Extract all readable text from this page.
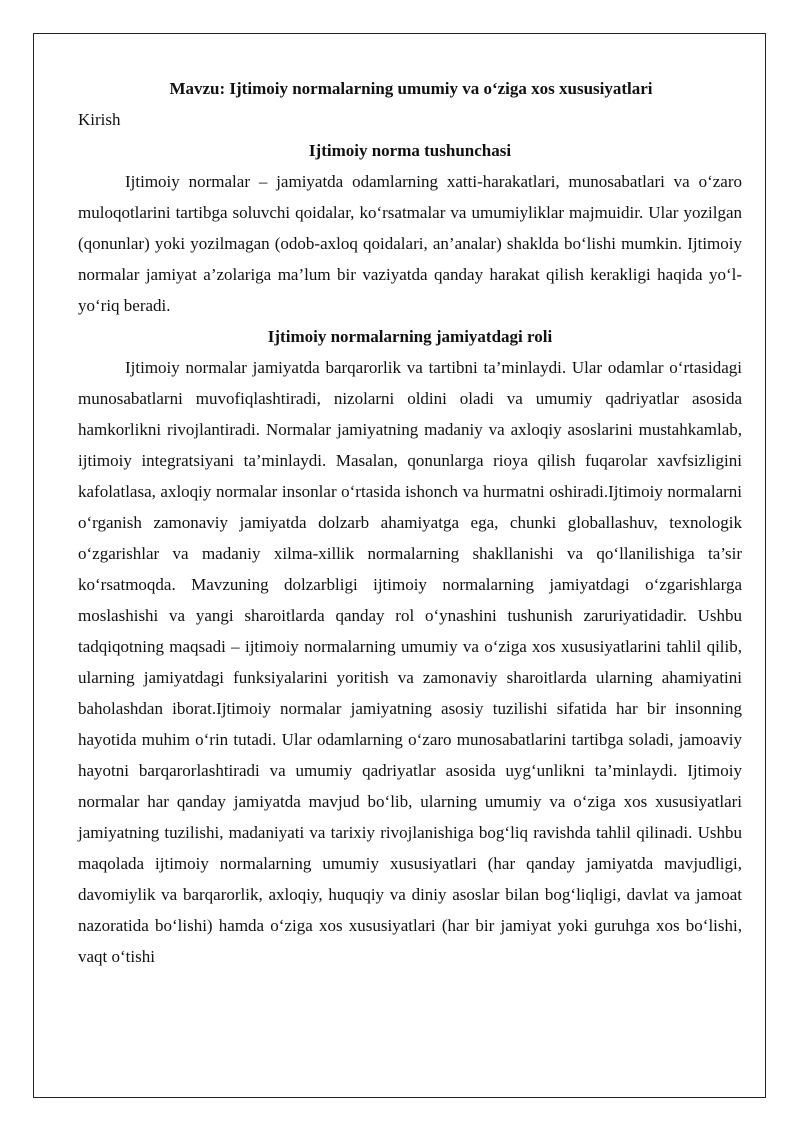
Mavzu: Ijtimoiy normalarning umumiy va o‘ziga xos xususiyatlari

Kirish

Ijtimoiy norma tushunchasi

Ijtimoiy normalar – jamiyatda odamlarning xatti-harakatlari, munosabatlari va o‘zaro muloqotlarini tartibga soluvchi qoidalar, ko‘rsatmalar va umumiyliklar majmuidir. Ular yozilgan (qonunlar) yoki yozilmagan (odob-axloq qoidalari, an’analar) shaklda bo‘lishi mumkin. Ijtimoiy normalar jamiyat a’zolariga ma’lum bir vaziyatda qanday harakat qilish kerakligi haqida yo‘l-yo‘riq beradi.

Ijtimoiy normalarning jamiyatdagi roli

Ijtimoiy normalar jamiyatda barqarorlik va tartibni ta’minlaydi. Ular odamlar o‘rtasidagi munosabatlarni muvofiqlashtiradi, nizolarni oldini oladi va umumiy qadriyatlar asosida hamkorlikni rivojlantiradi. Normalar jamiyatning madaniy va axloqiy asoslarini mustahkamlab, ijtimoiy integratsiyani ta’minlaydi. Masalan, qonunlarga rioya qilish fuqarolar xavfsizligini kafolatlasa, axloqiy normalar insonlar o‘rtasida ishonch va hurmatni oshiradi.Ijtimoiy normalarni o‘rganish zamonaviy jamiyatda dolzarb ahamiyatga ega, chunki globallashuv, texnologik o‘zgarishlar va madaniy xilma-xillik normalarning shakllanishi va qo‘llanilishiga ta’sir ko‘rsatmoqda. Mavzuning dolzarbligi ijtimoiy normalarning jamiyatdagi o‘zgarishlarga moslashishi va yangi sharoitlarda qanday rol o‘ynashini tushunish zaruriyatidadir. Ushbu tadqiqotning maqsadi – ijtimoiy normalarning umumiy va o‘ziga xos xususiyatlarini tahlil qilib, ularning jamiyatdagi funksiyalarini yoritish va zamonaviy sharoitlarda ularning ahamiyatini baholashdan iborat.Ijtimoiy normalar jamiyatning asosiy tuzilishi sifatida har bir insonning hayotida muhim o‘rin tutadi. Ular odamlarning o‘zaro munosabatlarini tartibga soladi, jamoaviy hayotni barqarorlashtiradi va umumiy qadriyatlar asosida uyg‘unlikni ta’minlaydi. Ijtimoiy normalar har qanday jamiyatda mavjud bo‘lib, ularning umumiy va o‘ziga xos xususiyatlari jamiyatning tuzilishi, madaniyati va tarixiy rivojlanishiga bog‘liq ravishda tahlil qilinadi. Ushbu maqolada ijtimoiy normalarning umumiy xususiyatlari (har qanday jamiyatda mavjudligi, davomiylik va barqarorlik, axloqiy, huquqiy va diniy asoslar bilan bog‘liqligi, davlat va jamoat nazoratida bo‘lishi) hamda o‘ziga xos xususiyatlari (har bir jamiyat yoki guruhga xos bo‘lishi, vaqt o‘tishi
